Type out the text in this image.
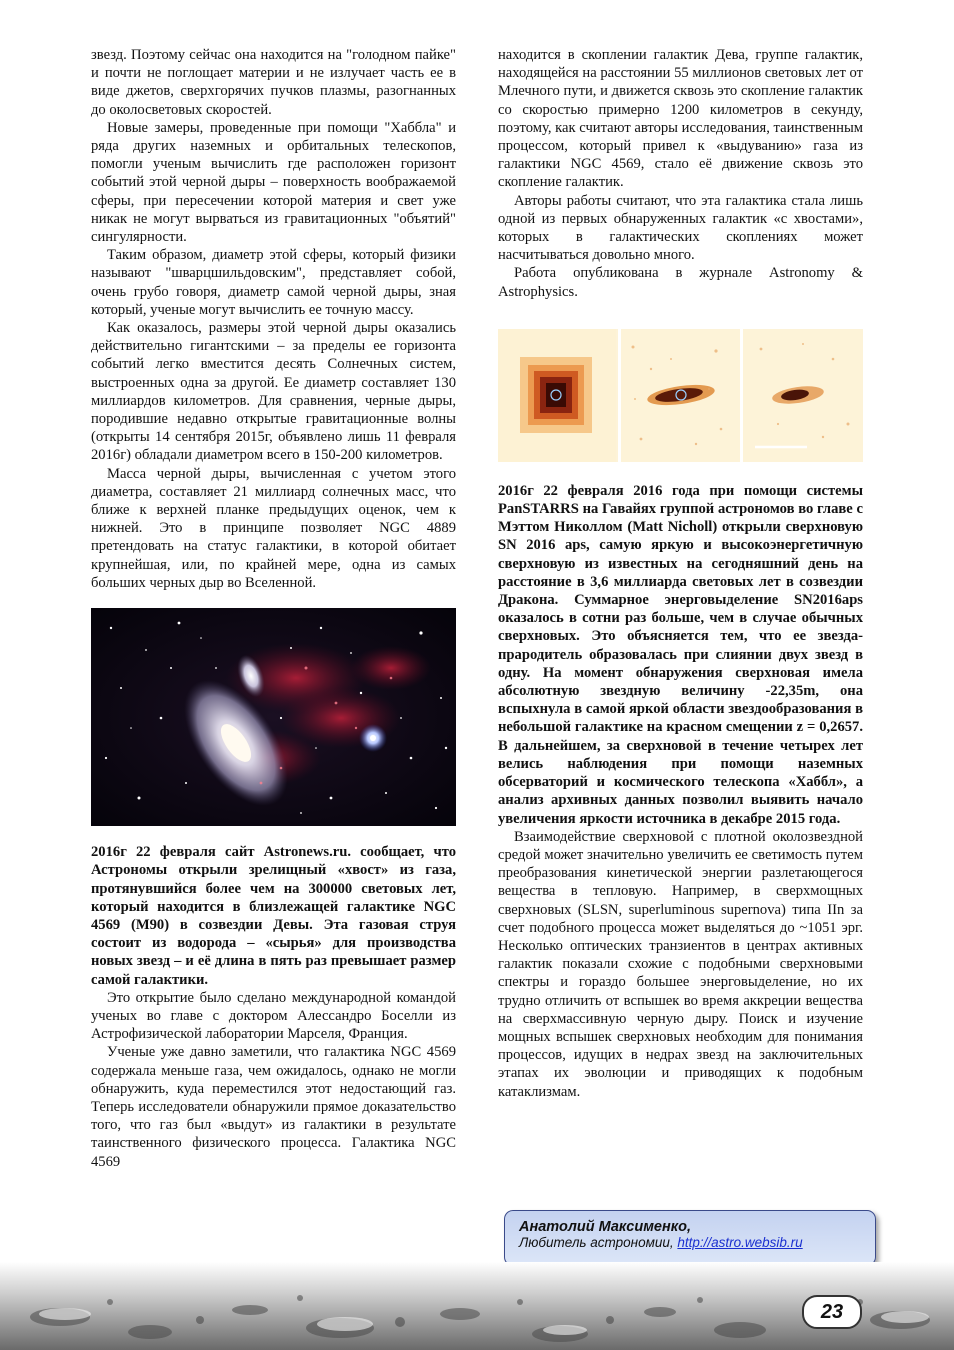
звезд. Поэтому сейчас она находится на "голодном пайке" и почти не поглощает материи и не излучает часть ее в виде джетов, сверхгорячих пучков плазмы, разогнанных до околосветовых скоростей.

Новые замеры, проведенные при помощи "Хаббла" и ряда других наземных и орбитальных телескопов, помогли ученым вычислить где расположен горизонт событий этой черной дыры – поверхность воображаемой сферы, при пересечении которой материя и свет уже никак не могут вырваться из гравитационных "объятий" сингулярности.

Таким образом, диаметр этой сферы, который физики называют "шварцшильдовским", представляет собой, очень грубо говоря, диаметр самой черной дыры, зная который, ученые могут вычислить ее точную массу.

Как оказалось, размеры этой черной дыры оказались действительно гигантскими – за пределы ее горизонта событий легко вместится десять Солнечных систем, выстроенных одна за другой. Ее диаметр составляет 130 миллиардов километров. Для сравнения, черные дыры, породившие недавно открытые гравитационные волны (открыты 14 сентября 2015г, объявлено лишь 11 февраля 2016г) обладали диаметром всего в 150-200 километров.

Масса черной дыры, вычисленная с учетом этого диаметра, составляет 21 миллиард солнечных масс, что ближе к верхней планке предыдущих оценок, чем к нижней. Это в принципе позволяет NGC 4889 претендовать на статус галактики, в которой обитает крупнейшая, или, по крайней мере, одна из самых больших черных дыр во Вселенной.

2016г 22 февраля сайт Astronews.ru. сообщает, что Астрономы открыли зрелищный «хвост» из газа, протянувшийся более чем на 300000 световых лет, который находится в близлежащей галактике NGC 4569 (M90) в созвездии Девы. Эта газовая струя состоит из водорода – «сырья» для производства новых звезд – и её длина в пять раз превышает размер самой галактики.

Это открытие было сделано международной командой ученых во главе с доктором Алессандро Боселли из Астрофизической лаборатории Марселя, Франция.

Ученые уже давно заметили, что галактика NGC 4569 содержала меньше газа, чем ожидалось, однако не могли обнаружить, куда переместился этот недостающий газ. Теперь исследователи обнаружили прямое доказательство того, что газ был «выдут» из галактики в результате таинственного физического процесса. Галактика NGC 4569

находится в скоплении галактик Дева, группе галактик, находящейся на расстоянии 55 миллионов световых лет от Млечного пути, и движется сквозь это скопление галактик со скоростью примерно 1200 километров в секунду, поэтому, как считают авторы исследования, таинственным процессом, который привел к «выдуванию» газа из галактики NGC 4569, стало её движение сквозь это скопление галактик.

Авторы работы считают, что эта галактика стала лишь одной из первых обнаруженных галактик «с хвостами», которых в галактических скоплениях может насчитываться довольно много.

Работа опубликована в журнале Astronomy & Astrophysics.

2016г 22 февраля 2016 года при помощи системы PanSTARRS на Гавайях группой астрономов во главе с Мэттом Николлом (Matt Nicholl) открыли сверхновую SN 2016 aps, самую яркую и высокоэнергетичную сверхновую из известных на сегодняшний день на расстояние в 3,6 миллиарда световых лет в созвездии Дракона. Суммарное энерговыделение SN2016aps оказалось в сотни раз больше, чем в случае обычных сверхновых. Это объясняется тем, что ее звезда-прародитель образовалась при слиянии двух звезд в одну. На момент обнаружения сверхновая имела абсолютную звездную величину -22,35m, она вспыхнула в самой яркой области звездообразования в небольшой галактике на красном смещении z = 0,2657. В дальнейшем, за сверхновой в течение четырех лет велись наблюдения при помощи наземных обсерваторий и космического телескопа «Хаббл», а анализ архивных данных позволил выявить начало увеличения яркости источника в декабре 2015 года.

Взаимодействие сверхновой с плотной околозвездной средой может значительно увеличить ее светимость путем преобразования кинетической энергии разлетающегося вещества в тепловую. Например, в сверхмощных сверхновых (SLSN, superluminous supernova) типа IIn за счет подобного процесса может выделяться до ~1051 эрг. Несколько оптических транзиентов в центрах активных галактик показали схожие с подобными сверхновыми спектры и гораздо большее энерговыделение, но их трудно отличить от вспышек во время аккреции вещества на сверхмассивную черную дыру. Поиск и изучение мощных вспышек сверхновых необходим для понимания процессов, идущих в недрах звезд на заключительных этапах их эволюции и приводящих к подобным катаклизмам.

Анатолий Максименко,
Любитель астрономии, http://astro.websib.ru
23
